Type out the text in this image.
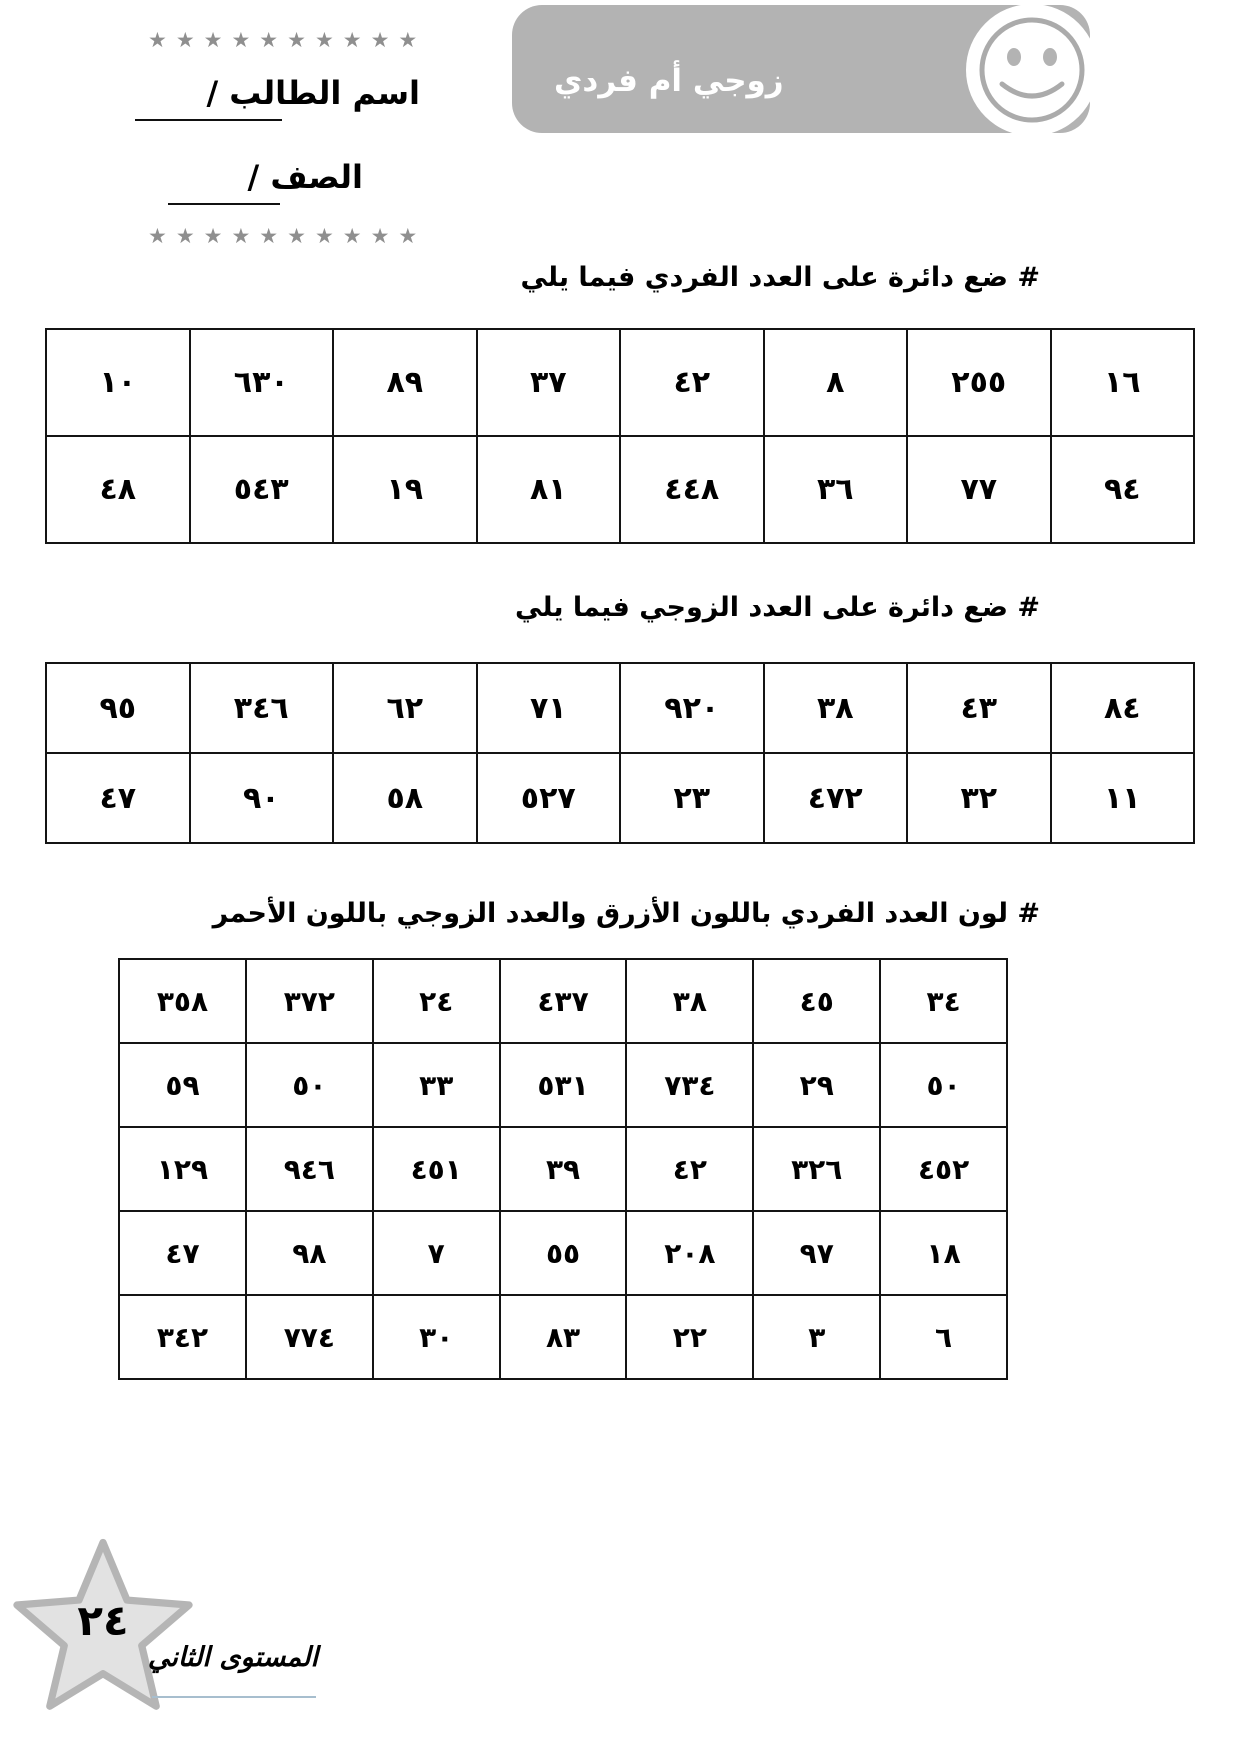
زوجي أم فردي
★★★★★★★★★★
★★★★★★★★★★
اسم الطالب /
الصف /
# ضع دائرة على العدد الفردي فيما يلي
١٦	٢٥٥	٨	٤٢	٣٧	٨٩	٦٣٠	١٠
٩٤	٧٧	٣٦	٤٤٨	٨١	١٩	٥٤٣	٤٨
# ضع دائرة على العدد الزوجي فيما يلي
٨٤	٤٣	٣٨	٩٢٠	٧١	٦٢	٣٤٦	٩٥
١١	٣٢	٤٧٢	٢٣	٥٢٧	٥٨	٩٠	٤٧
# لون العدد الفردي باللون الأزرق والعدد الزوجي باللون الأحمر
٣٤	٤٥	٣٨	٤٣٧	٢٤	٣٧٢	٣٥٨
٥٠	٢٩	٧٣٤	٥٣١	٣٣	٥٠	٥٩
٤٥٢	٣٢٦	٤٢	٣٩	٤٥١	٩٤٦	١٢٩
١٨	٩٧	٢٠٨	٥٥	٧	٩٨	٤٧
٦	٣	٢٢	٨٣	٣٠	٧٧٤	٣٤٢
٢٤
المستوى الثاني
